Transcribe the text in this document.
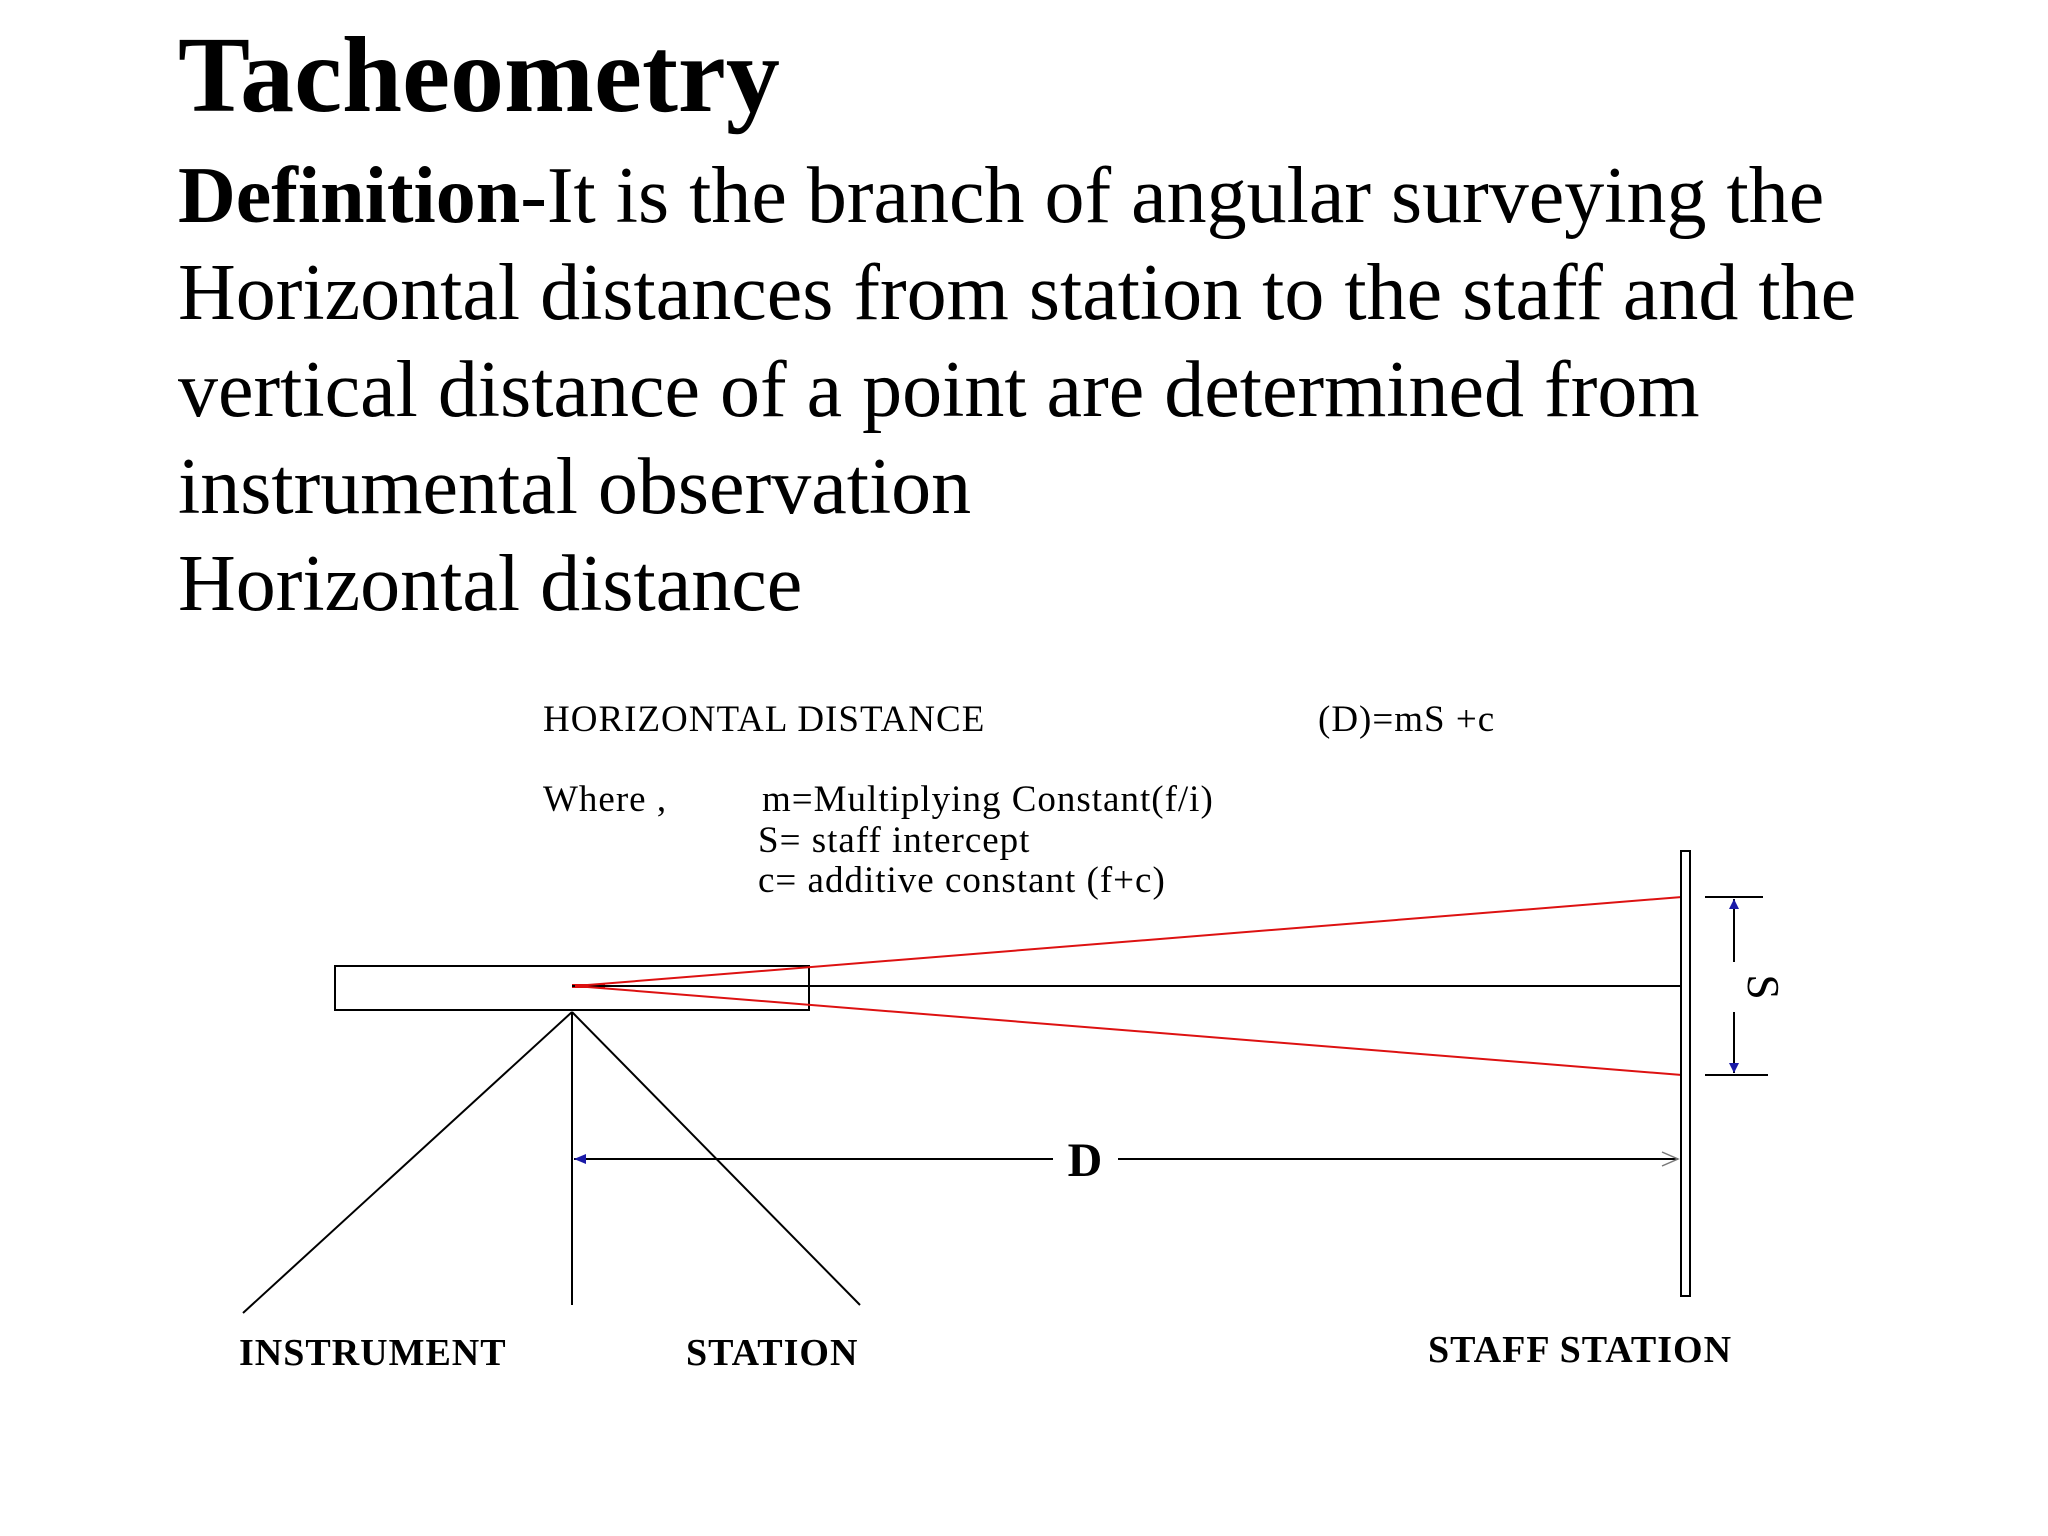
Tacheometry
Definition-It is the branch of angular surveying the
Horizontal distances from station to the staff and the
vertical distance of a point are determined from
instrumental observation
Horizontal distance
HORIZONTAL DISTANCE	(D)=mS +c
Where ,	m=Multiplying Constant(f/i)
S= staff intercept
c= additive constant (f+c)
S
D
INSTRUMENT	STATION	STAFF STATION
